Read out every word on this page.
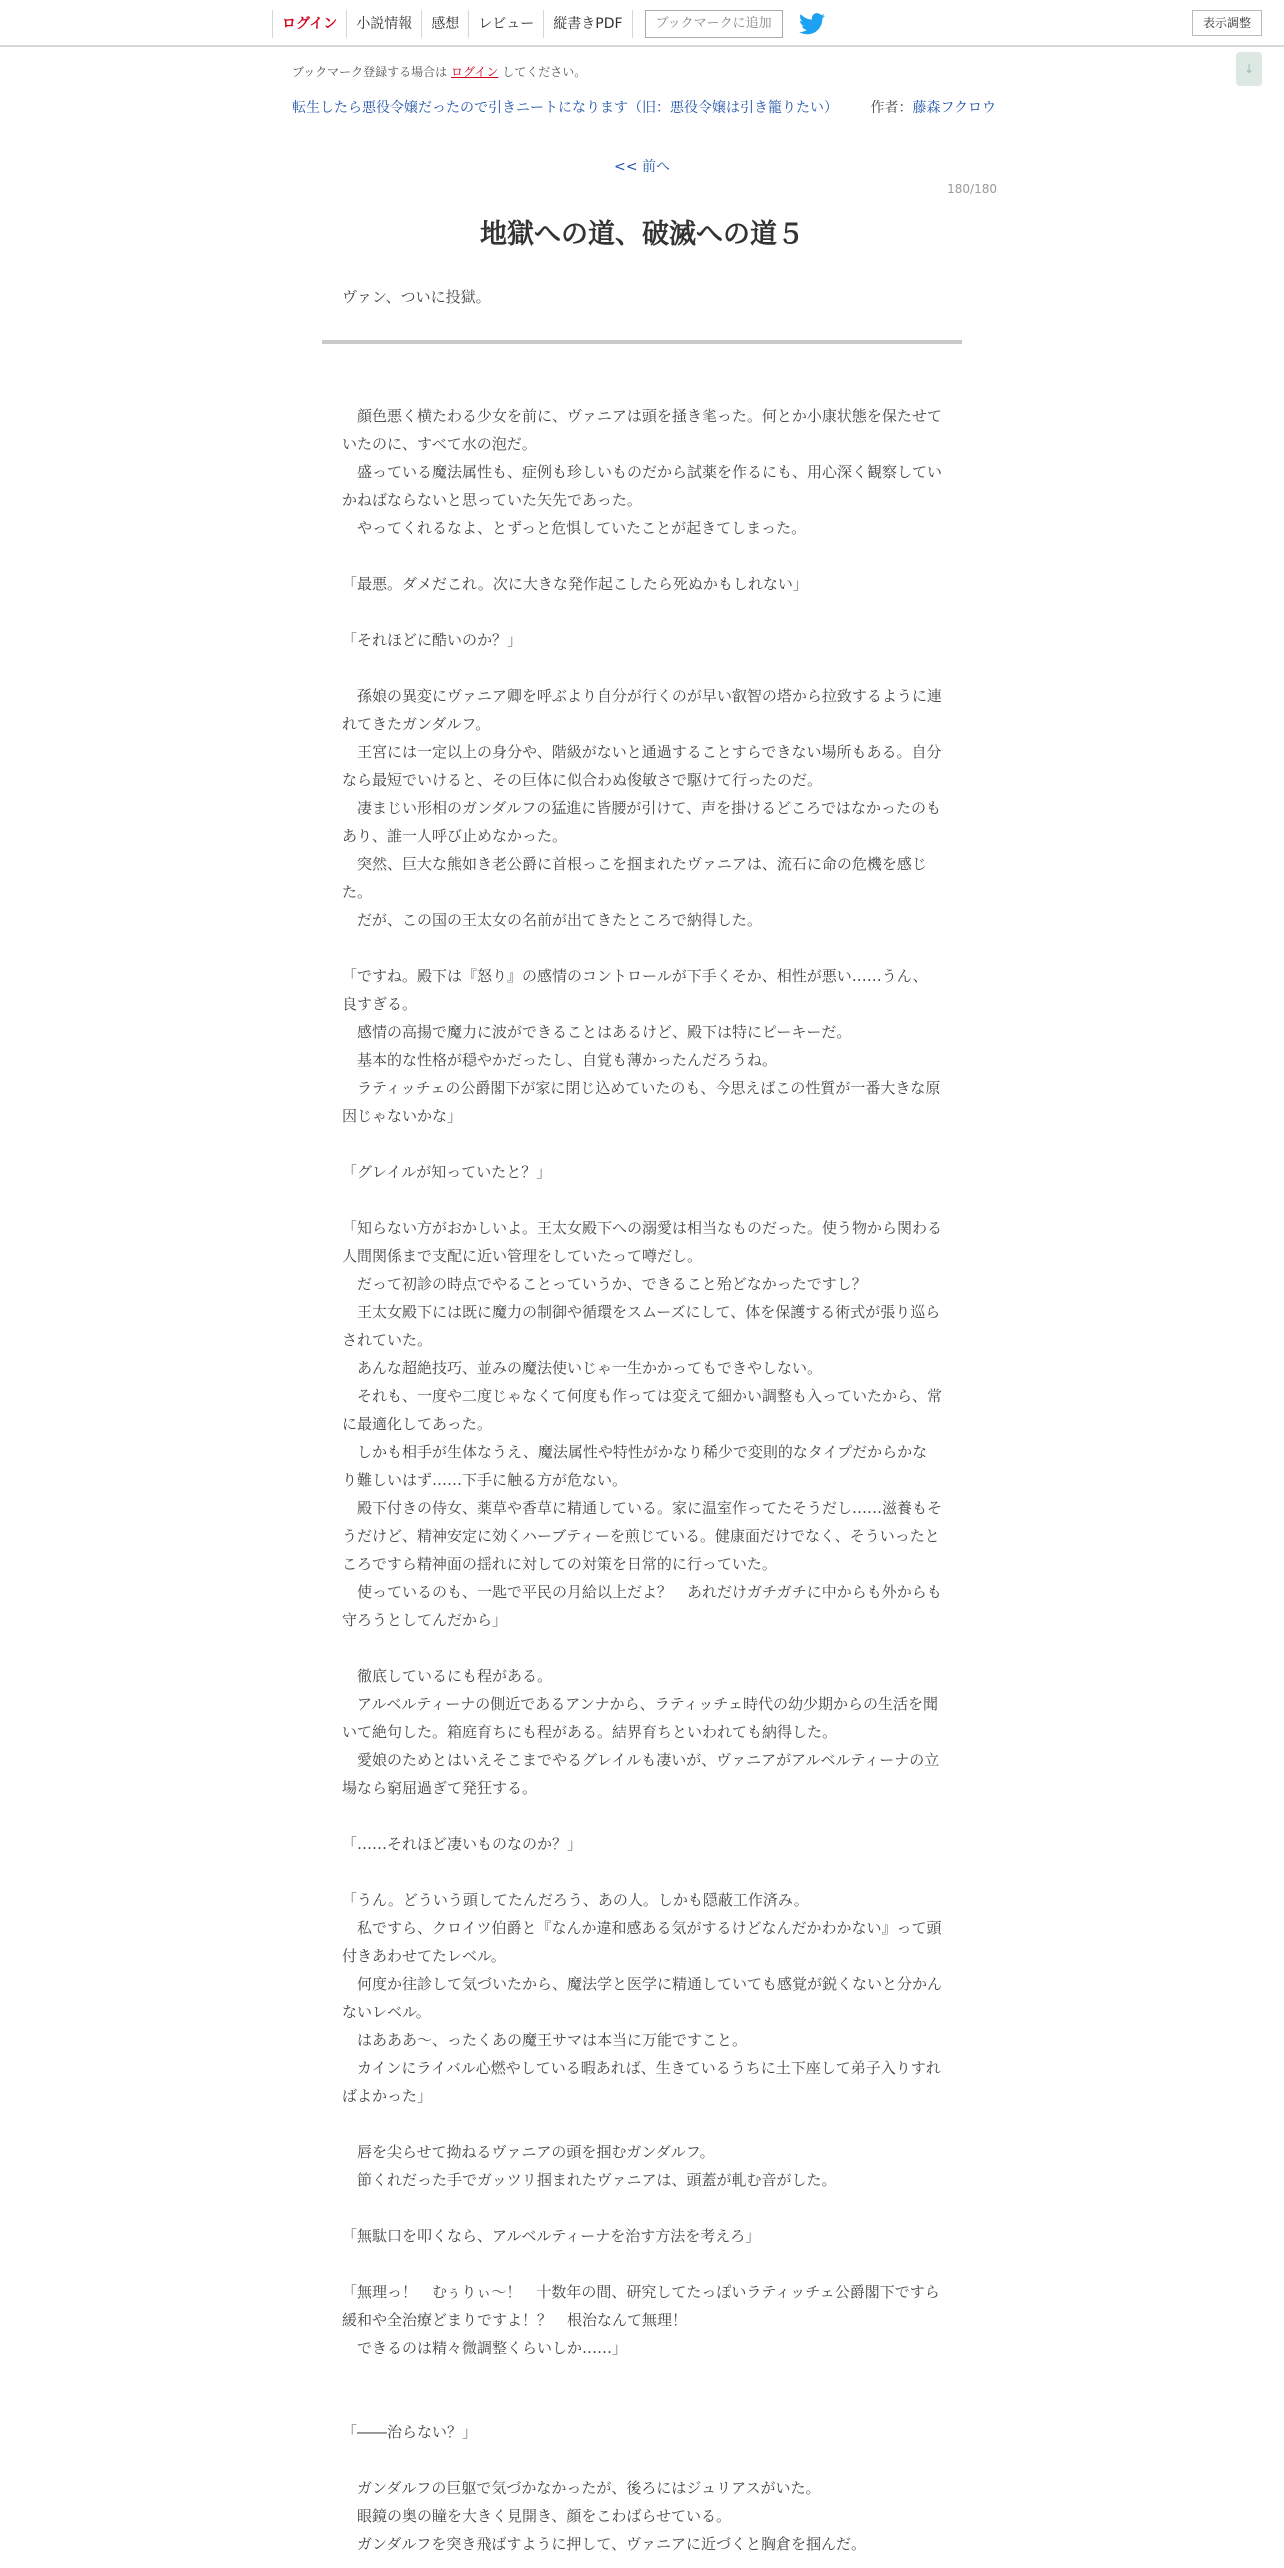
ログイン	小説情報	感想	レビュー	縦書きPDF	ブックマークに追加	表示調整
↓
ブックマーク登録する場合は ログイン してください。
転生したら悪役令嬢だったので引きニートになります（旧：悪役令嬢は引き籠りたい） 作者：藤森フクロウ
<< 前へ
180/180
地獄への道、破滅への道５
ヴァン、ついに投獄。

　顔色悪く横たわる少女を前に、ヴァニアは頭を掻き毟った。何とか小康状態を保たせていたのに、すべて水の泡だ。

　盛っている魔法属性も、症例も珍しいものだから試薬を作るにも、用心深く観察していかねばならないと思っていた矢先であった。

　やってくれるなよ、とずっと危惧していたことが起きてしまった。

「最悪。ダメだこれ。次に大きな発作起こしたら死ぬかもしれない」

「それほどに酷いのか？」

　孫娘の異変にヴァニア卿を呼ぶより自分が行くのが早い叡智の塔から拉致するように連れてきたガンダルフ。

　王宮には一定以上の身分や、階級がないと通過することすらできない場所もある。自分なら最短でいけると、その巨体に似合わぬ俊敏さで駆けて行ったのだ。

　凄まじい形相のガンダルフの猛進に皆腰が引けて、声を掛けるどころではなかったのもあり、誰一人呼び止めなかった。

　突然、巨大な熊如き老公爵に首根っこを掴まれたヴァニアは、流石に命の危機を感じた。

　だが、この国の王太女の名前が出てきたところで納得した。

「ですね。殿下は『怒り』の感情のコントロールが下手くそか、相性が悪い……うん、良すぎる。

　感情の高揚で魔力に波ができることはあるけど、殿下は特にピーキーだ。

　基本的な性格が穏やかだったし、自覚も薄かったんだろうね。

　ラティッチェの公爵閣下が家に閉じ込めていたのも、今思えばこの性質が一番大きな原因じゃないかな」

「グレイルが知っていたと？」

「知らない方がおかしいよ。王太女殿下への溺愛は相当なものだった。使う物から関わる人間関係まで支配に近い管理をしていたって噂だし。

　だって初診の時点でやることっていうか、できること殆どなかったですし？

　王太女殿下には既に魔力の制御や循環をスムーズにして、体を保護する術式が張り巡らされていた。

　あんな超絶技巧、並みの魔法使いじゃ一生かかってもできやしない。

　それも、一度や二度じゃなくて何度も作っては変えて細かい調整も入っていたから、常に最適化してあった。

　しかも相手が生体なうえ、魔法属性や特性がかなり稀少で変則的なタイプだからかなり難しいはず……下手に触る方が危ない。

　殿下付きの侍女、薬草や香草に精通している。家に温室作ってたそうだし……滋養もそうだけど、精神安定に効くハーブティーを煎じている。健康面だけでなく、そういったところですら精神面の揺れに対しての対策を日常的に行っていた。

　使っているのも、一匙で平民の月給以上だよ？　あれだけガチガチに中からも外からも守ろうとしてんだから」

　徹底しているにも程がある。

　アルベルティーナの側近であるアンナから、ラティッチェ時代の幼少期からの生活を聞いて絶句した。箱庭育ちにも程がある。結界育ちといわれても納得した。

　愛娘のためとはいえそこまでやるグレイルも凄いが、ヴァニアがアルベルティーナの立場なら窮屈過ぎて発狂する。

「……それほど凄いものなのか？」

「うん。どういう頭してたんだろう、あの人。しかも隠蔽工作済み。

　私ですら、クロイツ伯爵と『なんか違和感ある気がするけどなんだかわかない』って頭付きあわせてたレベル。

　何度か往診して気づいたから、魔法学と医学に精通していても感覚が鋭くないと分かんないレベル。

　はあああ～、ったくあの魔王サマは本当に万能ですこと。

　カインにライバル心燃やしている暇あれば、生きているうちに土下座して弟子入りすればよかった」

　唇を尖らせて拗ねるヴァニアの頭を掴むガンダルフ。

　節くれだった手でガッツリ掴まれたヴァニアは、頭蓋が軋む音がした。

「無駄口を叩くなら、アルベルティーナを治す方法を考えろ」

「無理っ！　むぅりぃ～！　十数年の間、研究してたっぽいラティッチェ公爵閣下ですら緩和や全治療どまりですよ！？　根治なんて無理！

　できるのは精々微調整くらいしか……」

「――治らない？」

　ガンダルフの巨躯で気づかなかったが、後ろにはジュリアスがいた。

　眼鏡の奥の瞳を大きく見開き、顔をこわばらせている。

　ガンダルフを突き飛ばすように押して、ヴァニアに近づくと胸倉を掴んだ。
